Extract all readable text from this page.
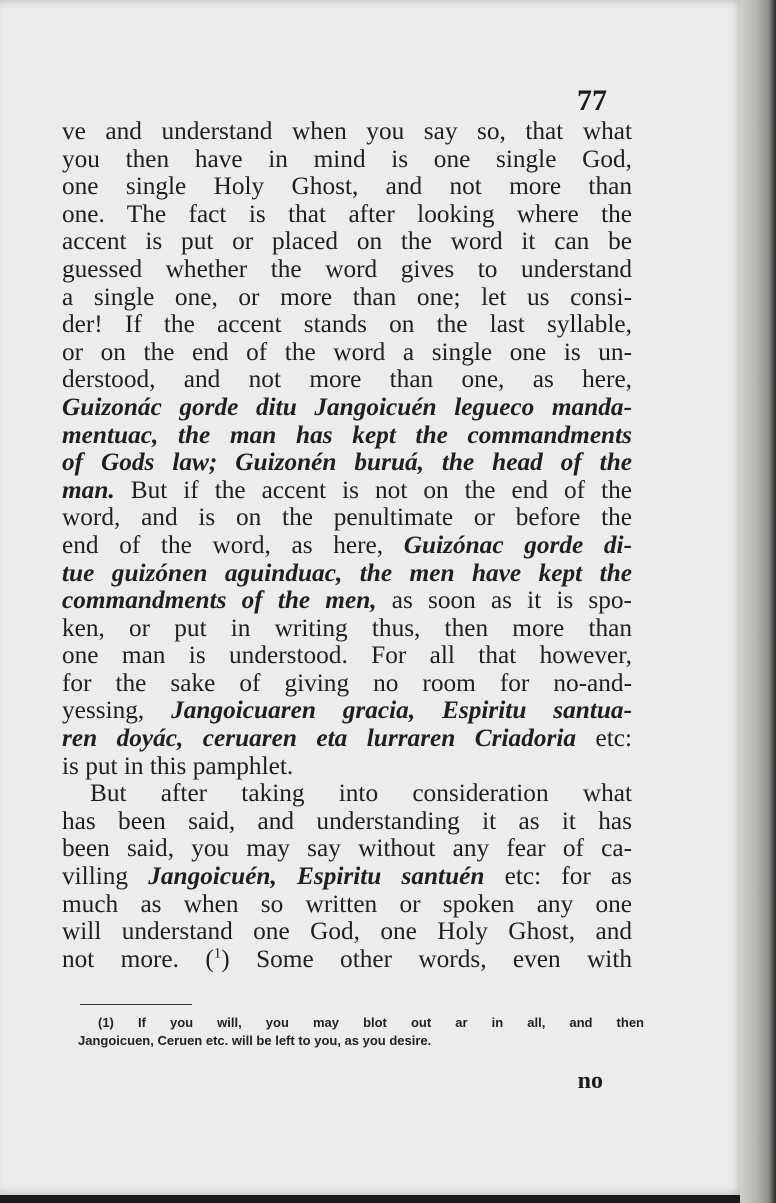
77
ve and understand when you say so, that what
you then have in mind is one single God,
one single Holy Ghost, and not more than
one. The fact is that after looking where the
accent is put or placed on the word it can be
guessed whether the word gives to understand
a single one, or more than one; let us consi-
der! If the accent stands on the last syllable,
or on the end of the word a single one is un-
derstood, and not more than one, as here,
Guizonác gorde ditu Jangoicuén legueco manda-
mentuac, the man has kept the commandments
of Gods law; Guizonén buruá, the head of the
man. But if the accent is not on the end of the
word, and is on the penultimate or before the
end of the word, as here, Guizónac gorde di-
tue guizónen aguinduac, the men have kept the
commandments of the men, as soon as it is spo-
ken, or put in writing thus, then more than
one man is understood. For all that however,
for the sake of giving no room for no-and-
yessing, Jangoicuaren gracia, Espiritu santua-
ren doyác, ceruaren eta lurraren Criadoria etc:
is put in this pamphlet.
But after taking into consideration what
has been said, and understanding it as it has
been said, you may say without any fear of ca-
villing Jangoicuén, Espiritu santuén etc: for as
much as when so written or spoken any one
will understand one God, one Holy Ghost, and
not more. ($^1$) Some other words, even with
(1) If you will, you may blot out ar in all, and then
Jangoicuen, Ceruen etc. will be left to you, as you desire.
no
